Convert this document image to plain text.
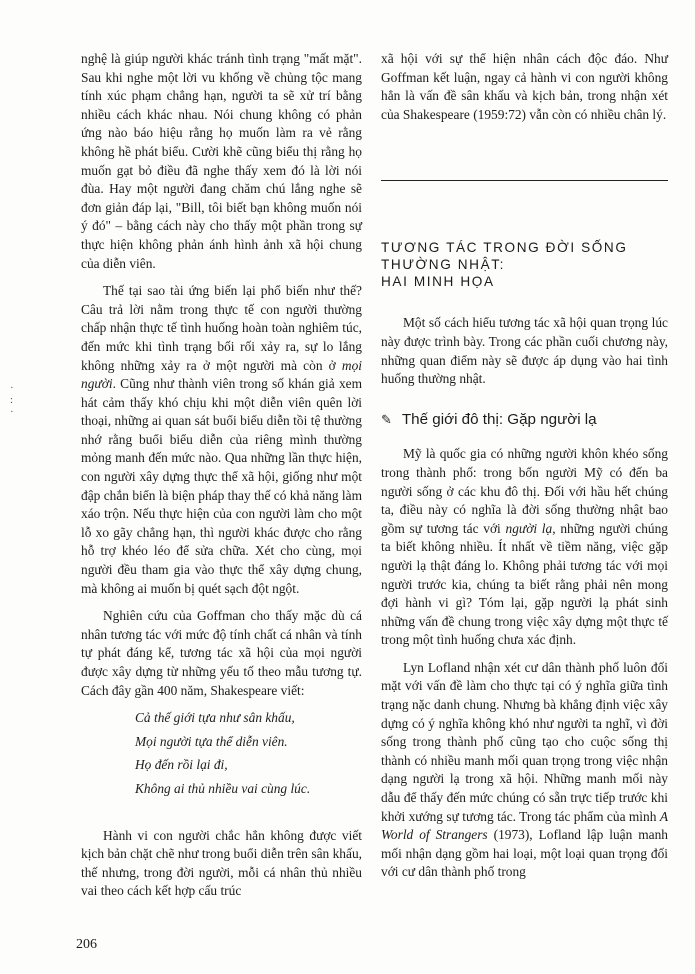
nghệ là giúp người khác tránh tình trạng "mất mặt". Sau khi nghe một lời vu khống về chủng tộc mang tính xúc phạm chẳng hạn, người ta sẽ xử trí bằng nhiều cách khác nhau. Nói chung không có phản ứng nào báo hiệu rằng họ muốn làm ra vẻ rằng không hề phát biểu. Cười khẽ cũng biểu thị rằng họ muốn gạt bỏ điều đã nghe thấy xem đó là lời nói đùa. Hay một người đang chăm chú lắng nghe sẽ đơn giản đáp lại, "Bill, tôi biết bạn không muốn nói ý đó" – bằng cách này cho thấy một phần trong sự thực hiện không phản ánh hình ảnh xã hội chung của diễn viên.

Thế tại sao tài ứng biến lại phổ biến như thế? Câu trả lời nằm trong thực tế con người thường chấp nhận thực tế tình huống hoàn toàn nghiêm túc, đến mức khi tình trạng bối rối xảy ra, sự lo lắng không những xảy ra ở một người mà còn ở mọi người. Cũng như thành viên trong số khán giả xem hát cảm thấy khó chịu khi một diễn viên quên lời thoại, những ai quan sát buổi biểu diễn tồi tệ thường nhớ rằng buổi biểu diễn của riêng mình thường mỏng manh đến mức nào. Qua những lần thực hiện, con người xây dựng thực thể xã hội, giống như một đập chắn biển là biện pháp thay thế có khả năng làm xáo trộn. Nếu thực hiện của con người làm cho một lỗ xo gãy chẳng hạn, thì người khác được cho rằng hỗ trợ khéo léo để sửa chữa. Xét cho cùng, mọi người đều tham gia vào thực thể xây dựng chung, mà không ai muốn bị quét sạch đột ngột.

Nghiên cứu của Goffman cho thấy mặc dù cá nhân tương tác với mức độ tính chất cá nhân và tính tự phát đáng kể, tương tác xã hội của mọi người được xây dựng từ những yếu tố theo mẫu tương tự. Cách đây gần 400 năm, Shakespeare viết:

Cả thế giới tựa như sân khấu,
Mọi người tựa thể diễn viên.
Họ đến rồi lại đi,
Không ai thủ nhiều vai cùng lúc.

Hành vi con người chắc hẳn không được viết kịch bản chặt chẽ như trong buổi diễn trên sân khấu, thế nhưng, trong đời người, mỗi cá nhân thủ nhiều vai theo cách kết hợp cấu trúc

xã hội với sự thể hiện nhân cách độc đáo. Như Goffman kết luận, ngay cả hành vi con người không hẳn là vấn đề sân khấu và kịch bản, trong nhận xét của Shakespeare (1959:72) vẫn còn có nhiều chân lý.

TƯƠNG TÁC TRONG ĐỜI SỐNG
THƯỜNG NHẬT:
HAI MINH HỌA

Một số cách hiểu tương tác xã hội quan trọng lúc này được trình bày. Trong các phần cuối chương này, những quan điểm này sẽ được áp dụng vào hai tình huống thường nhật.

✎ Thế giới đô thị: Gặp người lạ

Mỹ là quốc gia có những người khôn khéo sống trong thành phố: trong bốn người Mỹ có đến ba người sống ở các khu đô thị. Đối với hầu hết chúng ta, điều này có nghĩa là đời sống thường nhật bao gồm sự tương tác với người lạ, những người chúng ta biết không nhiều. Ít nhất về tiềm năng, việc gặp người lạ thật đáng lo. Không phải tương tác với mọi người trước kia, chúng ta biết rằng phải nên mong đợi hành vi gì? Tóm lại, gặp người lạ phát sinh những vấn đề chung trong việc xây dựng một thực tế trong một tình huống chưa xác định.

Lyn Lofland nhận xét cư dân thành phố luôn đối mặt với vấn đề làm cho thực tại có ý nghĩa giữa tình trạng nặc danh chung. Nhưng bà khẳng định việc xây dựng có ý nghĩa không khó như người ta nghĩ, vì đời sống trong thành phố cũng tạo cho cuộc sống thị thành có nhiều manh mối quan trọng trong việc nhận dạng người lạ trong xã hội. Những manh mối này dẫu để thấy đến mức chúng có sẵn trực tiếp trước khi khởi xướng sự tương tác. Trong tác phẩm của mình A World of Strangers (1973), Lofland lập luận manh mối nhận dạng gồm hai loại, một loại quan trọng đối với cư dân thành phố trong

206
·
:
·
